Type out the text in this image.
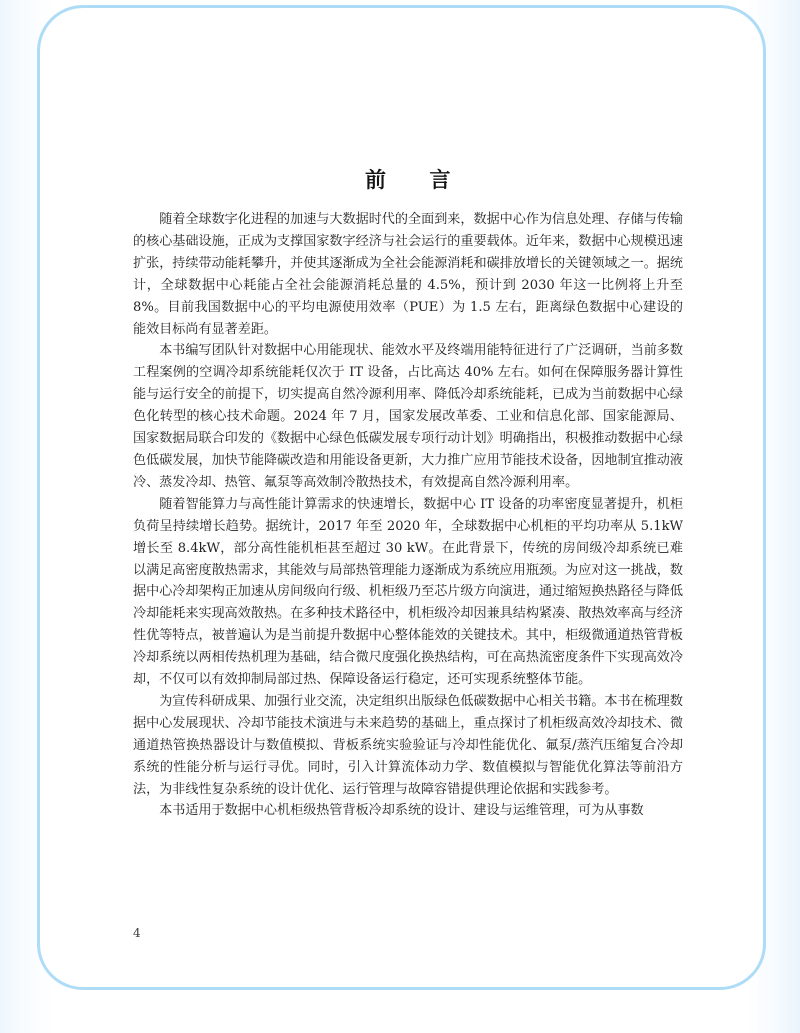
前　　言

随着全球数字化进程的加速与大数据时代的全面到来，数据中心作为信息处理、存储与传输的核心基础设施，正成为支撑国家数字经济与社会运行的重要载体。近年来，数据中心规模迅速扩张，持续带动能耗攀升，并使其逐渐成为全社会能源消耗和碳排放增长的关键领域之一。据统计，全球数据中心耗能占全社会能源消耗总量的 4.5%，预计到 2030 年这一比例将上升至 8%。目前我国数据中心的平均电源使用效率（PUE）为 1.5 左右，距离绿色数据中心建设的能效目标尚有显著差距。

本书编写团队针对数据中心用能现状、能效水平及终端用能特征进行了广泛调研，当前多数工程案例的空调冷却系统能耗仅次于 IT 设备，占比高达 40% 左右。如何在保障服务器计算性能与运行安全的前提下，切实提高自然冷源利用率、降低冷却系统能耗，已成为当前数据中心绿色化转型的核心技术命题。2024 年 7 月，国家发展改革委、工业和信息化部、国家能源局、国家数据局联合印发的《数据中心绿色低碳发展专项行动计划》明确指出，积极推动数据中心绿色低碳发展，加快节能降碳改造和用能设备更新，大力推广应用节能技术设备，因地制宜推动液冷、蒸发冷却、热管、氟泵等高效制冷散热技术，有效提高自然冷源利用率。

随着智能算力与高性能计算需求的快速增长，数据中心 IT 设备的功率密度显著提升，机柜负荷呈持续增长趋势。据统计，2017 年至 2020 年，全球数据中心机柜的平均功率从 5.1kW 增长至 8.4kW，部分高性能机柜甚至超过 30 kW。在此背景下，传统的房间级冷却系统已难以满足高密度散热需求，其能效与局部热管理能力逐渐成为系统应用瓶颈。为应对这一挑战，数据中心冷却架构正加速从房间级向行级、机柜级乃至芯片级方向演进，通过缩短换热路径与降低冷却能耗来实现高效散热。在多种技术路径中，机柜级冷却因兼具结构紧凑、散热效率高与经济性优等特点，被普遍认为是当前提升数据中心整体能效的关键技术。其中，柜级微通道热管背板冷却系统以两相传热机理为基础，结合微尺度强化换热结构，可在高热流密度条件下实现高效冷却，不仅可以有效抑制局部过热、保障设备运行稳定，还可实现系统整体节能。

为宣传科研成果、加强行业交流，决定组织出版绿色低碳数据中心相关书籍。本书在梳理数据中心发展现状、冷却节能技术演进与未来趋势的基础上，重点探讨了机柜级高效冷却技术、微通道热管换热器设计与数值模拟、背板系统实验验证与冷却性能优化、氟泵/蒸汽压缩复合冷却系统的性能分析与运行寻优。同时，引入计算流体动力学、数值模拟与智能优化算法等前沿方法，为非线性复杂系统的设计优化、运行管理与故障容错提供理论依据和实践参考。

本书适用于数据中心机柜级热管背板冷却系统的设计、建设与运维管理，可为从事数

4
